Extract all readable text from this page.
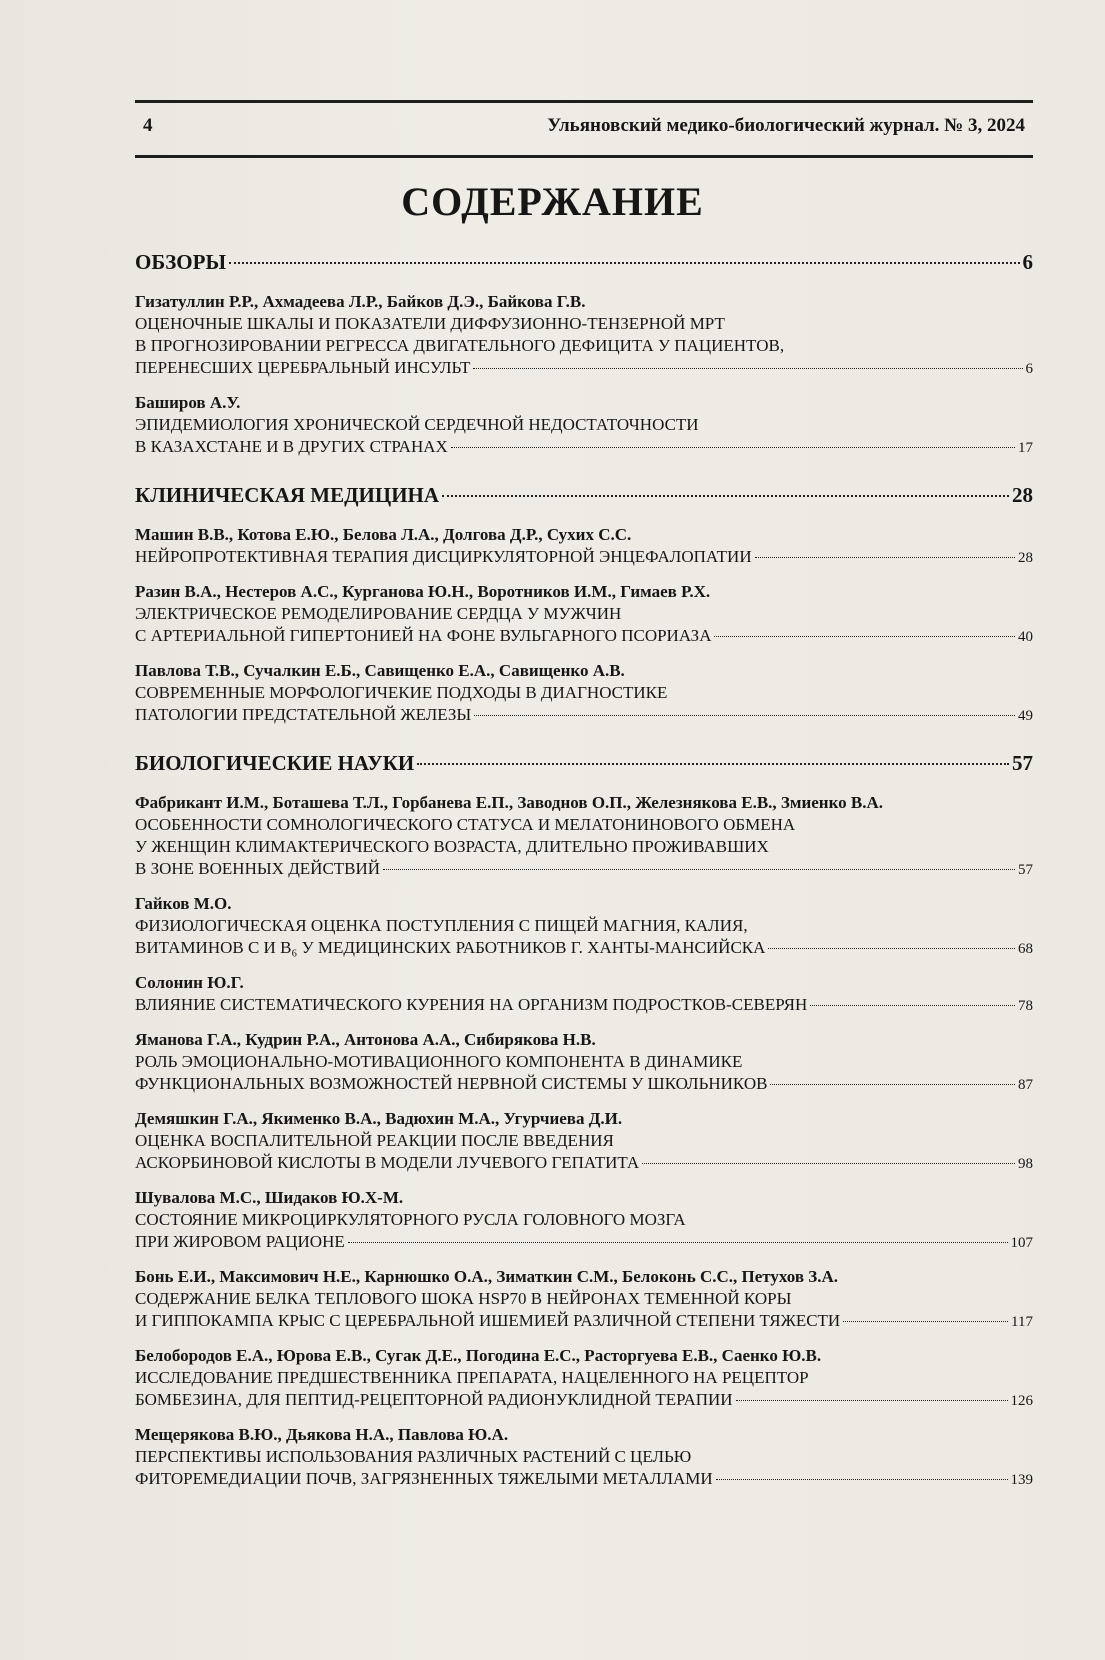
4	Ульяновский медико-биологический журнал. № 3, 2024
СОДЕРЖАНИЕ
ОБЗОРЫ	6
Гизатуллин Р.Р., Ахмадеева Л.Р., Байков Д.Э., Байкова Г.В.
ОЦЕНОЧНЫЕ ШКАЛЫ И ПОКАЗАТЕЛИ ДИФФУЗИОННО-ТЕНЗЕРНОЙ МРТ
В ПРОГНОЗИРОВАНИИ РЕГРЕССА ДВИГАТЕЛЬНОГО ДЕФИЦИТА У ПАЦИЕНТОВ,
ПЕРЕНЕСШИХ ЦЕРЕБРАЛЬНЫЙ ИНСУЛЬТ	6
Баширов А.У.
ЭПИДЕМИОЛОГИЯ ХРОНИЧЕСКОЙ СЕРДЕЧНОЙ НЕДОСТАТОЧНОСТИ
В КАЗАХСТАНЕ И В ДРУГИХ СТРАНАХ	17
КЛИНИЧЕСКАЯ МЕДИЦИНА	28
Машин В.В., Котова Е.Ю., Белова Л.А., Долгова Д.Р., Сухих С.С.
НЕЙРОПРОТЕКТИВНАЯ ТЕРАПИЯ ДИСЦИРКУЛЯТОРНОЙ ЭНЦЕФАЛОПАТИИ	28
Разин В.А., Нестеров А.С., Курганова Ю.Н., Воротников И.М., Гимаев Р.Х.
ЭЛЕКТРИЧЕСКОЕ РЕМОДЕЛИРОВАНИЕ СЕРДЦА У МУЖЧИН
С АРТЕРИАЛЬНОЙ ГИПЕРТОНИЕЙ НА ФОНЕ ВУЛЬГАРНОГО ПСОРИАЗА	40
Павлова Т.В., Сучалкин Е.Б., Савищенко Е.А., Савищенко А.В.
СОВРЕМЕННЫЕ МОРФОЛОГИЧЕКИЕ ПОДХОДЫ В ДИАГНОСТИКЕ
ПАТОЛОГИИ ПРЕДСТАТЕЛЬНОЙ ЖЕЛЕЗЫ	49
БИОЛОГИЧЕСКИЕ НАУКИ	57
Фабрикант И.М., Боташева Т.Л., Горбанева Е.П., Заводнов О.П., Железнякова Е.В., Змиенко В.А.
ОСОБЕННОСТИ СОМНОЛОГИЧЕСКОГО СТАТУСА И МЕЛАТОНИНОВОГО ОБМЕНА
У ЖЕНЩИН КЛИМАКТЕРИЧЕСКОГО ВОЗРАСТА, ДЛИТЕЛЬНО ПРОЖИВАВШИХ
В ЗОНЕ ВОЕННЫХ ДЕЙСТВИЙ	57
Гайков М.О.
ФИЗИОЛОГИЧЕСКАЯ ОЦЕНКА ПОСТУПЛЕНИЯ С ПИЩЕЙ МАГНИЯ, КАЛИЯ,
ВИТАМИНОВ С И B₆ У МЕДИЦИНСКИХ РАБОТНИКОВ Г. ХАНТЫ-МАНСИЙСКА	68
Солонин Ю.Г.
ВЛИЯНИЕ СИСТЕМАТИЧЕСКОГО КУРЕНИЯ НА ОРГАНИЗМ ПОДРОСТКОВ-СЕВЕРЯН	78
Яманова Г.А., Кудрин Р.А., Антонова А.А., Сибирякова Н.В.
РОЛЬ ЭМОЦИОНАЛЬНО-МОТИВАЦИОННОГО КОМПОНЕНТА В ДИНАМИКЕ
ФУНКЦИОНАЛЬНЫХ ВОЗМОЖНОСТЕЙ НЕРВНОЙ СИСТЕМЫ У ШКОЛЬНИКОВ	87
Демяшкин Г.А., Якименко В.А., Вадюхин М.А., Угурчиева Д.И.
ОЦЕНКА ВОСПАЛИТЕЛЬНОЙ РЕАКЦИИ ПОСЛЕ ВВЕДЕНИЯ
АСКОРБИНОВОЙ КИСЛОТЫ В МОДЕЛИ ЛУЧЕВОГО ГЕПАТИТА	98
Шувалова М.С., Шидаков Ю.Х-М.
СОСТОЯНИЕ МИКРОЦИРКУЛЯТОРНОГО РУСЛА ГОЛОВНОГО МОЗГА
ПРИ ЖИРОВОМ РАЦИОНЕ	107
Бонь Е.И., Максимович Н.Е., Карнюшко О.А., Зиматкин С.М., Белоконь С.С., Петухов З.А.
СОДЕРЖАНИЕ БЕЛКА ТЕПЛОВОГО ШОКА HSP70 В НЕЙРОНАХ ТЕМЕННОЙ КОРЫ
И ГИППОКАМПА КРЫС С ЦЕРЕБРАЛЬНОЙ ИШЕМИЕЙ РАЗЛИЧНОЙ СТЕПЕНИ ТЯЖЕСТИ	117
Белобородов Е.А., Юрова Е.В., Сугак Д.Е., Погодина Е.С., Расторгуева Е.В., Саенко Ю.В.
ИССЛЕДОВАНИЕ ПРЕДШЕСТВЕННИКА ПРЕПАРАТА, НАЦЕЛЕННОГО НА РЕЦЕПТОР
БОМБЕЗИНА, ДЛЯ ПЕПТИД-РЕЦЕПТОРНОЙ РАДИОНУКЛИДНОЙ ТЕРАПИИ	126
Мещерякова В.Ю., Дьякова Н.А., Павлова Ю.А.
ПЕРСПЕКТИВЫ ИСПОЛЬЗОВАНИЯ РАЗЛИЧНЫХ РАСТЕНИЙ С ЦЕЛЬЮ
ФИТОРЕМЕДИАЦИИ ПОЧВ, ЗАГРЯЗНЕННЫХ ТЯЖЕЛЫМИ МЕТАЛЛАМИ	139
